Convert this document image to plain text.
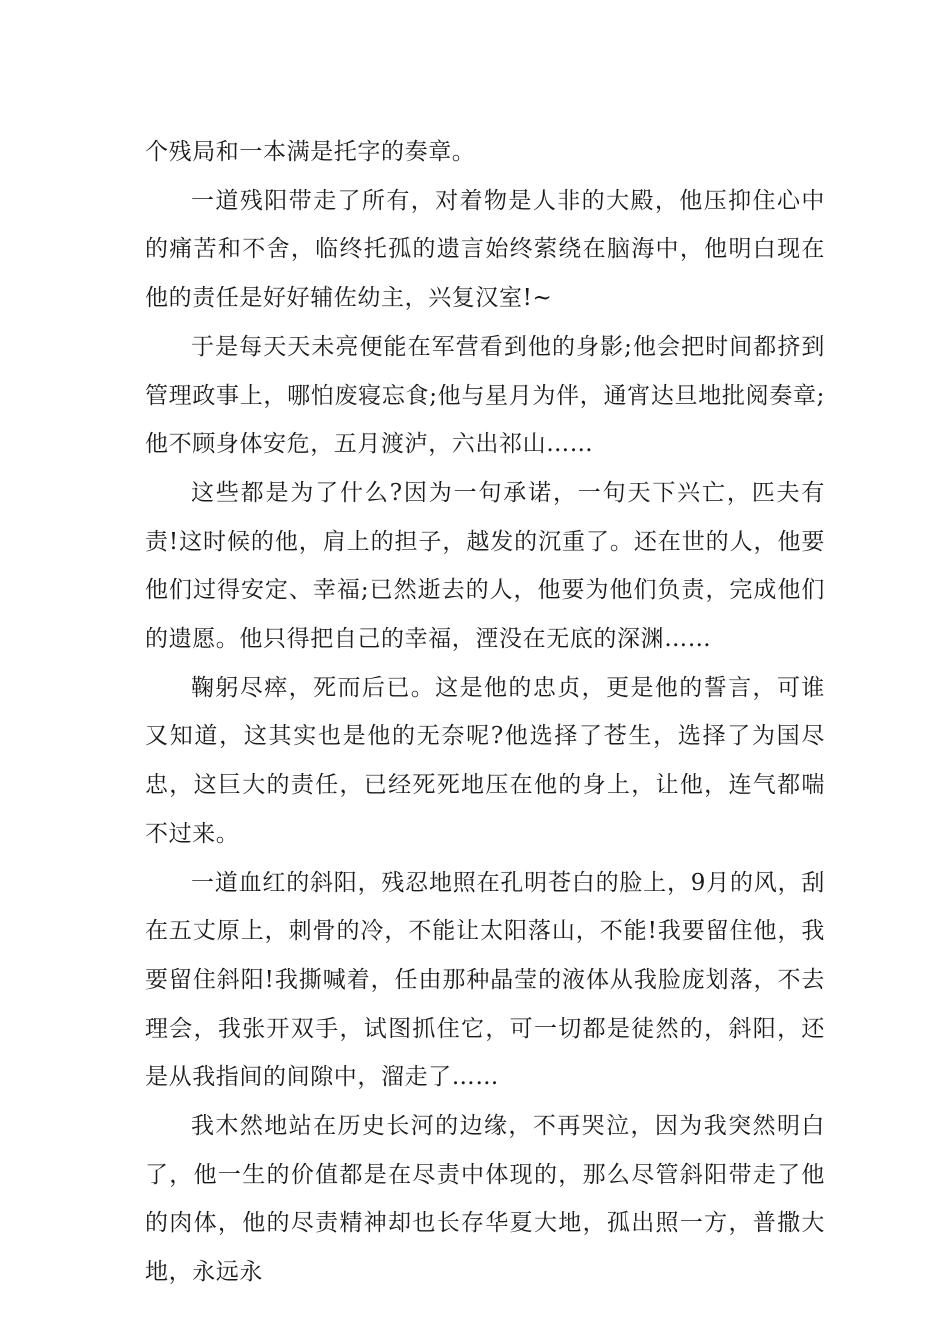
个残局和一本满是托字的奏章。

一道残阳带走了所有，对着物是人非的大殿，他压抑住心中的痛苦和不舍，临终托孤的遗言始终萦绕在脑海中，他明白现在他的责任是好好辅佐幼主，兴复汉室!~

于是每天天未亮便能在军营看到他的身影;他会把时间都挤到管理政事上，哪怕废寝忘食;他与星月为伴，通宵达旦地批阅奏章;他不顾身体安危，五月渡泸，六出祁山……

这些都是为了什么?因为一句承诺，一句天下兴亡，匹夫有责!这时候的他，肩上的担子，越发的沉重了。还在世的人，他要他们过得安定、幸福;已然逝去的人，他要为他们负责，完成他们的遗愿。他只得把自己的幸福，湮没在无底的深渊……

鞠躬尽瘁，死而后已。这是他的忠贞，更是他的誓言，可谁又知道，这其实也是他的无奈呢?他选择了苍生，选择了为国尽忠，这巨大的责任，已经死死地压在他的身上，让他，连气都喘不过来。

一道血红的斜阳，残忍地照在孔明苍白的脸上，9月的风，刮在五丈原上，刺骨的冷，不能让太阳落山，不能!我要留住他，我要留住斜阳!我撕喊着，任由那种晶莹的液体从我脸庞划落，不去理会，我张开双手，试图抓住它，可一切都是徒然的，斜阳，还是从我指间的间隙中，溜走了……

我木然地站在历史长河的边缘，不再哭泣，因为我突然明白了，他一生的价值都是在尽责中体现的，那么尽管斜阳带走了他的肉体，他的尽责精神却也长存华夏大地，孤出照一方，普撒大地，永远永
